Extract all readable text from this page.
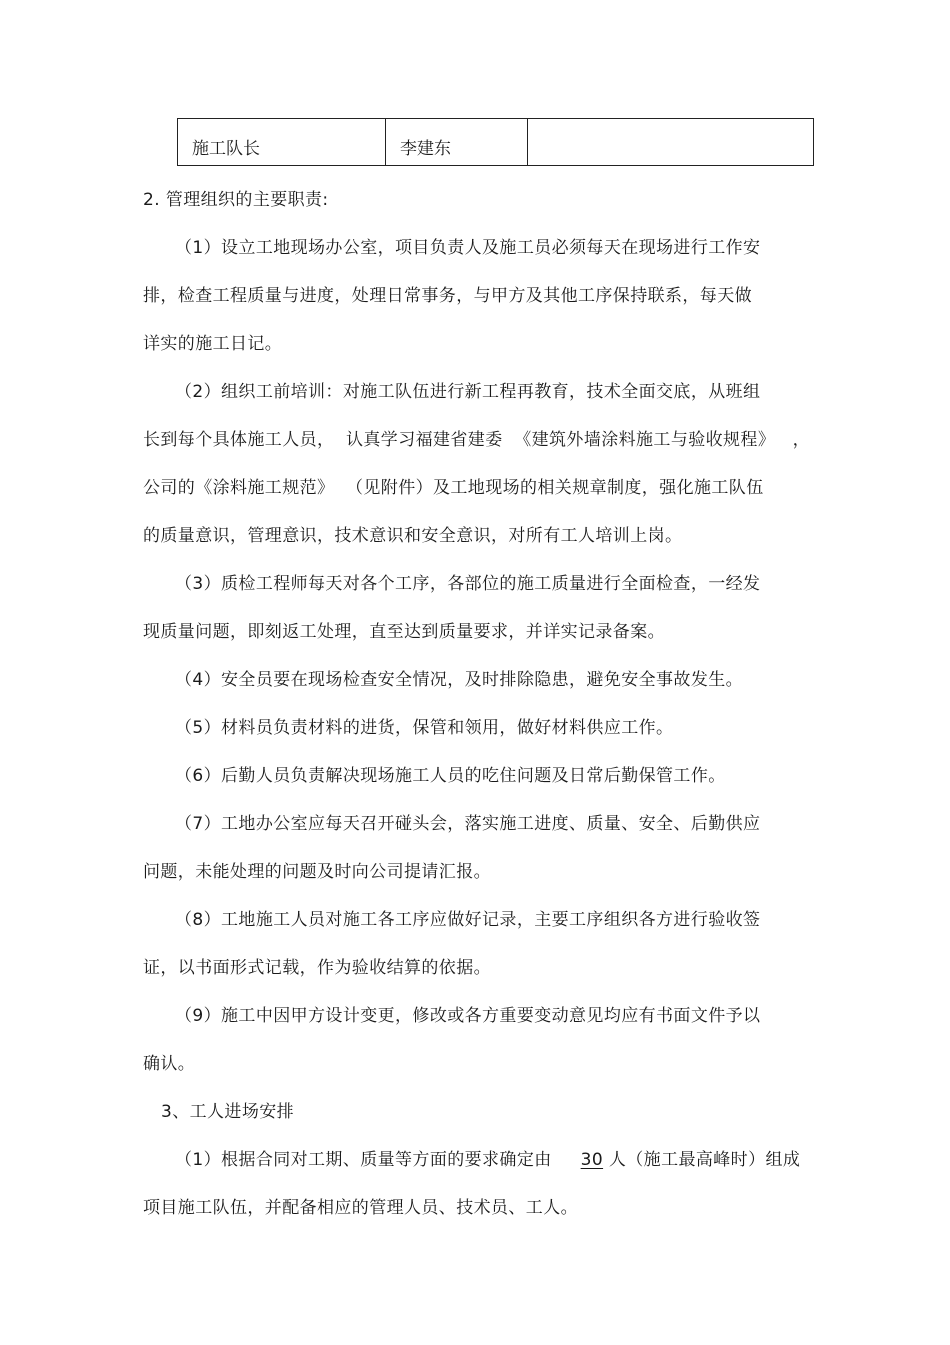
施工队长	李建东	
2. 管理组织的主要职责:
（1）设立工地现场办公室，项目负责人及施工员必须每天在现场进行工作安
排，检查工程质量与进度，处理日常事务，与甲方及其他工序保持联系，每天做
详实的施工日记。
（2）组织工前培训：对施工队伍进行新工程再教育，技术全面交底，从班组
长到每个具体施工人员，  认真学习福建省建委  《建筑外墙涂料施工与验收规程》   ，
公司的《涂料施工规范》  （见附件）及工地现场的相关规章制度，强化施工队伍
的质量意识，管理意识，技术意识和安全意识，对所有工人培训上岗。
（3）质检工程师每天对各个工序，各部位的施工质量进行全面检查，一经发
现质量问题，即刻返工处理，直至达到质量要求，并详实记录备案。
（4）安全员要在现场检查安全情况，及时排除隐患，避免安全事故发生。
（5）材料员负责材料的进货，保管和领用，做好材料供应工作。
（6）后勤人员负责解决现场施工人员的吃住问题及日常后勤保管工作。
（7）工地办公室应每天召开碰头会，落实施工进度、质量、安全、后勤供应
问题，未能处理的问题及时向公司提请汇报。
（8）工地施工人员对施工各工序应做好记录，主要工序组织各方进行验收签
证，以书面形式记载，作为验收结算的依据。
（9）施工中因甲方设计变更，修改或各方重要变动意见均应有书面文件予以
确认。
3、工人进场安排
（1）根据合同对工期、质量等方面的要求确定由     30 人（施工最高峰时）组成
项目施工队伍，并配备相应的管理人员、技术员、工人。
